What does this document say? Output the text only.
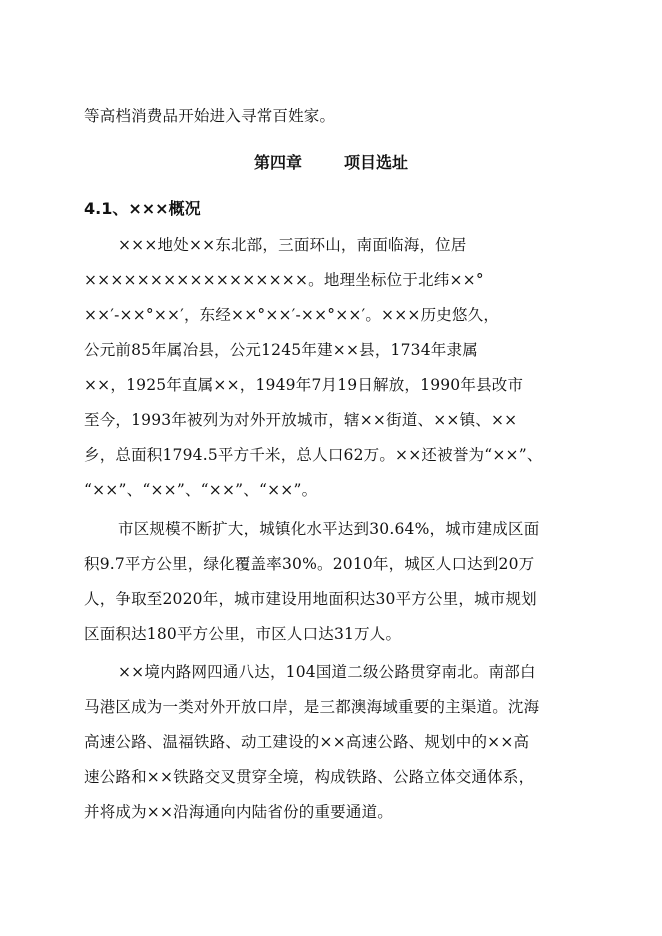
等高档消费品开始进入寻常百姓家。
第四章	项目选址
4.1、×××概况
×××地处××东北部，三面环山，南面临海，位居
×××××××××××××××××。地理坐标位于北纬××°
××′-××°××′，东经××°××′-××°××′。×××历史悠久，
公元前85年属冶县，公元1245年建××县，1734年隶属
××，1925年直属××，1949年7月19日解放，1990年县改市
至今，1993年被列为对外开放城市，辖××街道、××镇、××
乡，总面积1794.5平方千米，总人口62万。××还被誉为“××”、
“××”、“××”、“××”、“××”。
市区规模不断扩大，城镇化水平达到30.64%，城市建成区面
积9.7平方公里，绿化覆盖率30%。2010年，城区人口达到20万
人，争取至2020年，城市建设用地面积达30平方公里，城市规划
区面积达180平方公里，市区人口达31万人。
××境内路网四通八达，104国道二级公路贯穿南北。南部白
马港区成为一类对外开放口岸，是三都澳海域重要的主渠道。沈海
高速公路、温福铁路、动工建设的××高速公路、规划中的××高
速公路和××铁路交叉贯穿全境，构成铁路、公路立体交通体系，
并将成为××沿海通向内陆省份的重要通道。
